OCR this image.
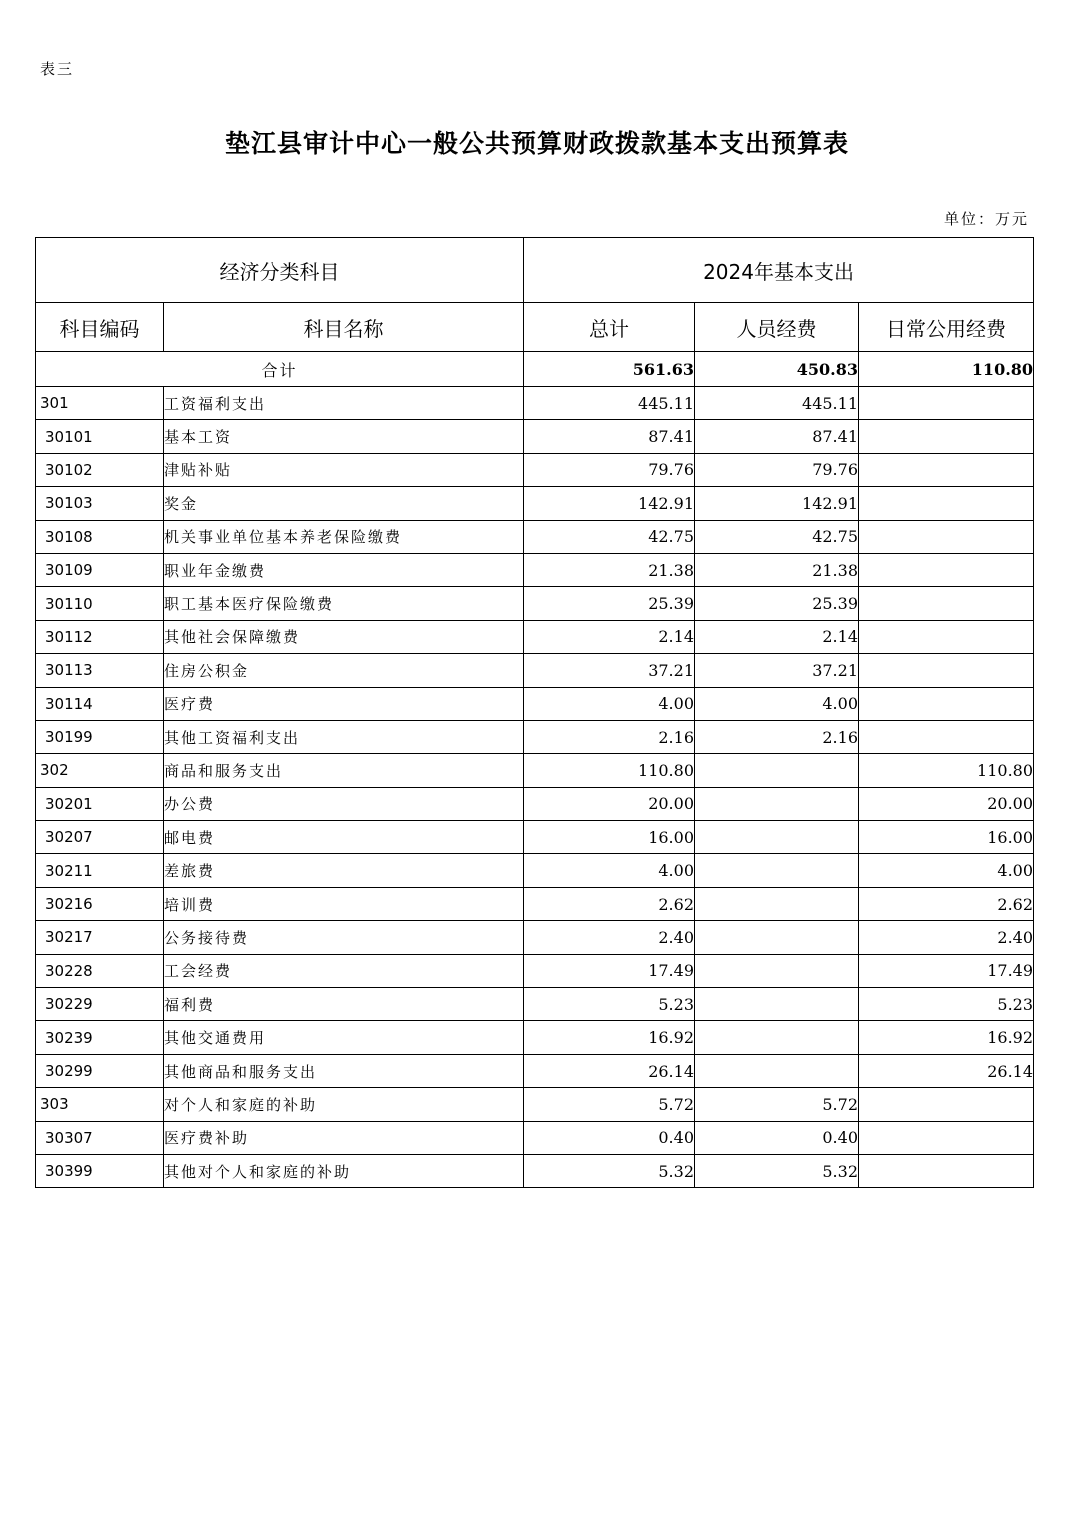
表三
垫江县审计中心一般公共预算财政拨款基本支出预算表
单位：万元
经济分类科目		2024年基本支出		
科目编码	科目名称	总计	人员经费	日常公用经费
合计		561.63	450.83	110.80
301	工资福利支出	445.11	445.11	
30101	基本工资	87.41	87.41	
30102	津贴补贴	79.76	79.76	
30103	奖金	142.91	142.91	
30108	机关事业单位基本养老保险缴费	42.75	42.75	
30109	职业年金缴费	21.38	21.38	
30110	职工基本医疗保险缴费	25.39	25.39	
30112	其他社会保障缴费	2.14	2.14	
30113	住房公积金	37.21	37.21	
30114	医疗费	4.00	4.00	
30199	其他工资福利支出	2.16	2.16	
302	商品和服务支出	110.80		110.80
30201	办公费	20.00		20.00
30207	邮电费	16.00		16.00
30211	差旅费	4.00		4.00
30216	培训费	2.62		2.62
30217	公务接待费	2.40		2.40
30228	工会经费	17.49		17.49
30229	福利费	5.23		5.23
30239	其他交通费用	16.92		16.92
30299	其他商品和服务支出	26.14		26.14
303	对个人和家庭的补助	5.72	5.72	
30307	医疗费补助	0.40	0.40	
30399	其他对个人和家庭的补助	5.32	5.32	
